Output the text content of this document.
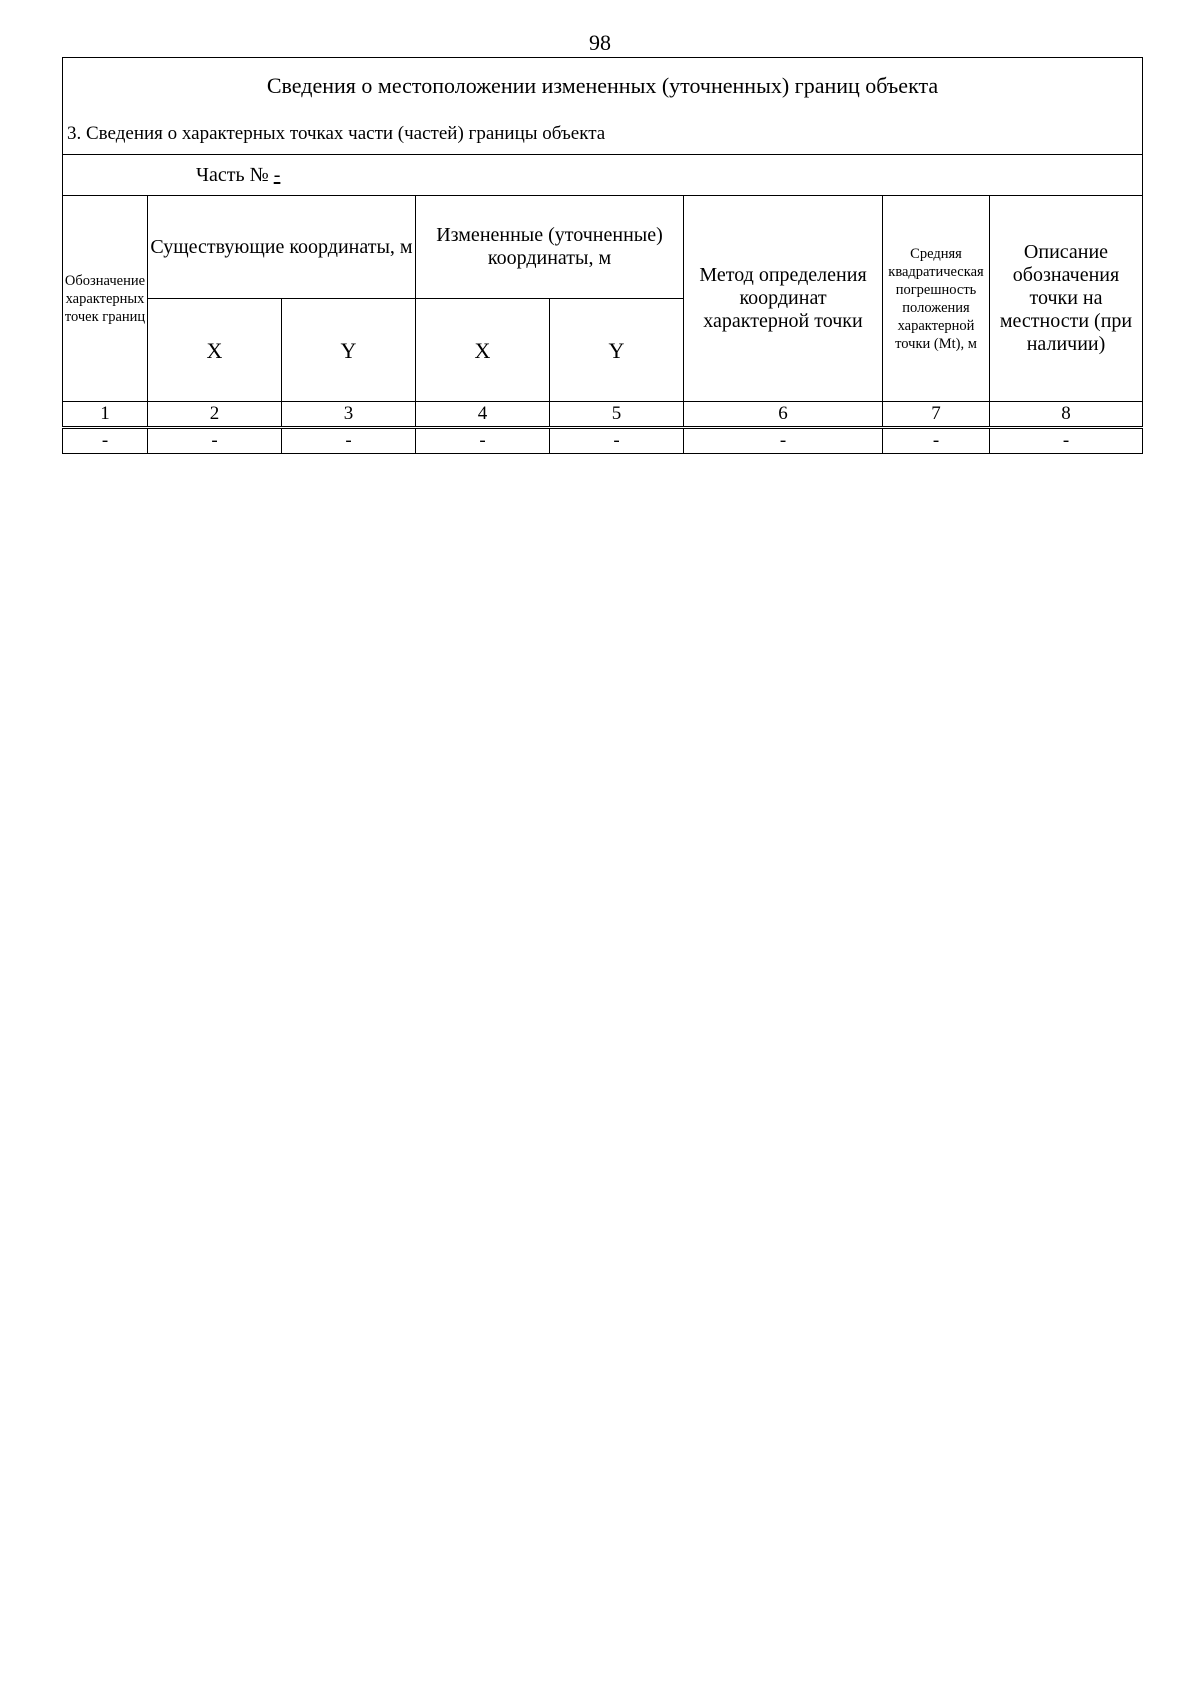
98
Сведения о местоположении измененных (уточненных) границ объекта							
3. Сведения о характерных точках части (частей) границы объекта							
Часть № -							
Обозначение характерных точек границ	Существующие координаты, м		Измененные (уточненные) координаты, м		Метод определения координат характерной точки	Средняя квадратическая погрешность положения характерной точки (Mt), м	Описание обозначения точки на местности (при наличии)
	X	Y	X	Y			
1	2	3	4	5	6	7	8
-	-	-	-	-	-	-	-
